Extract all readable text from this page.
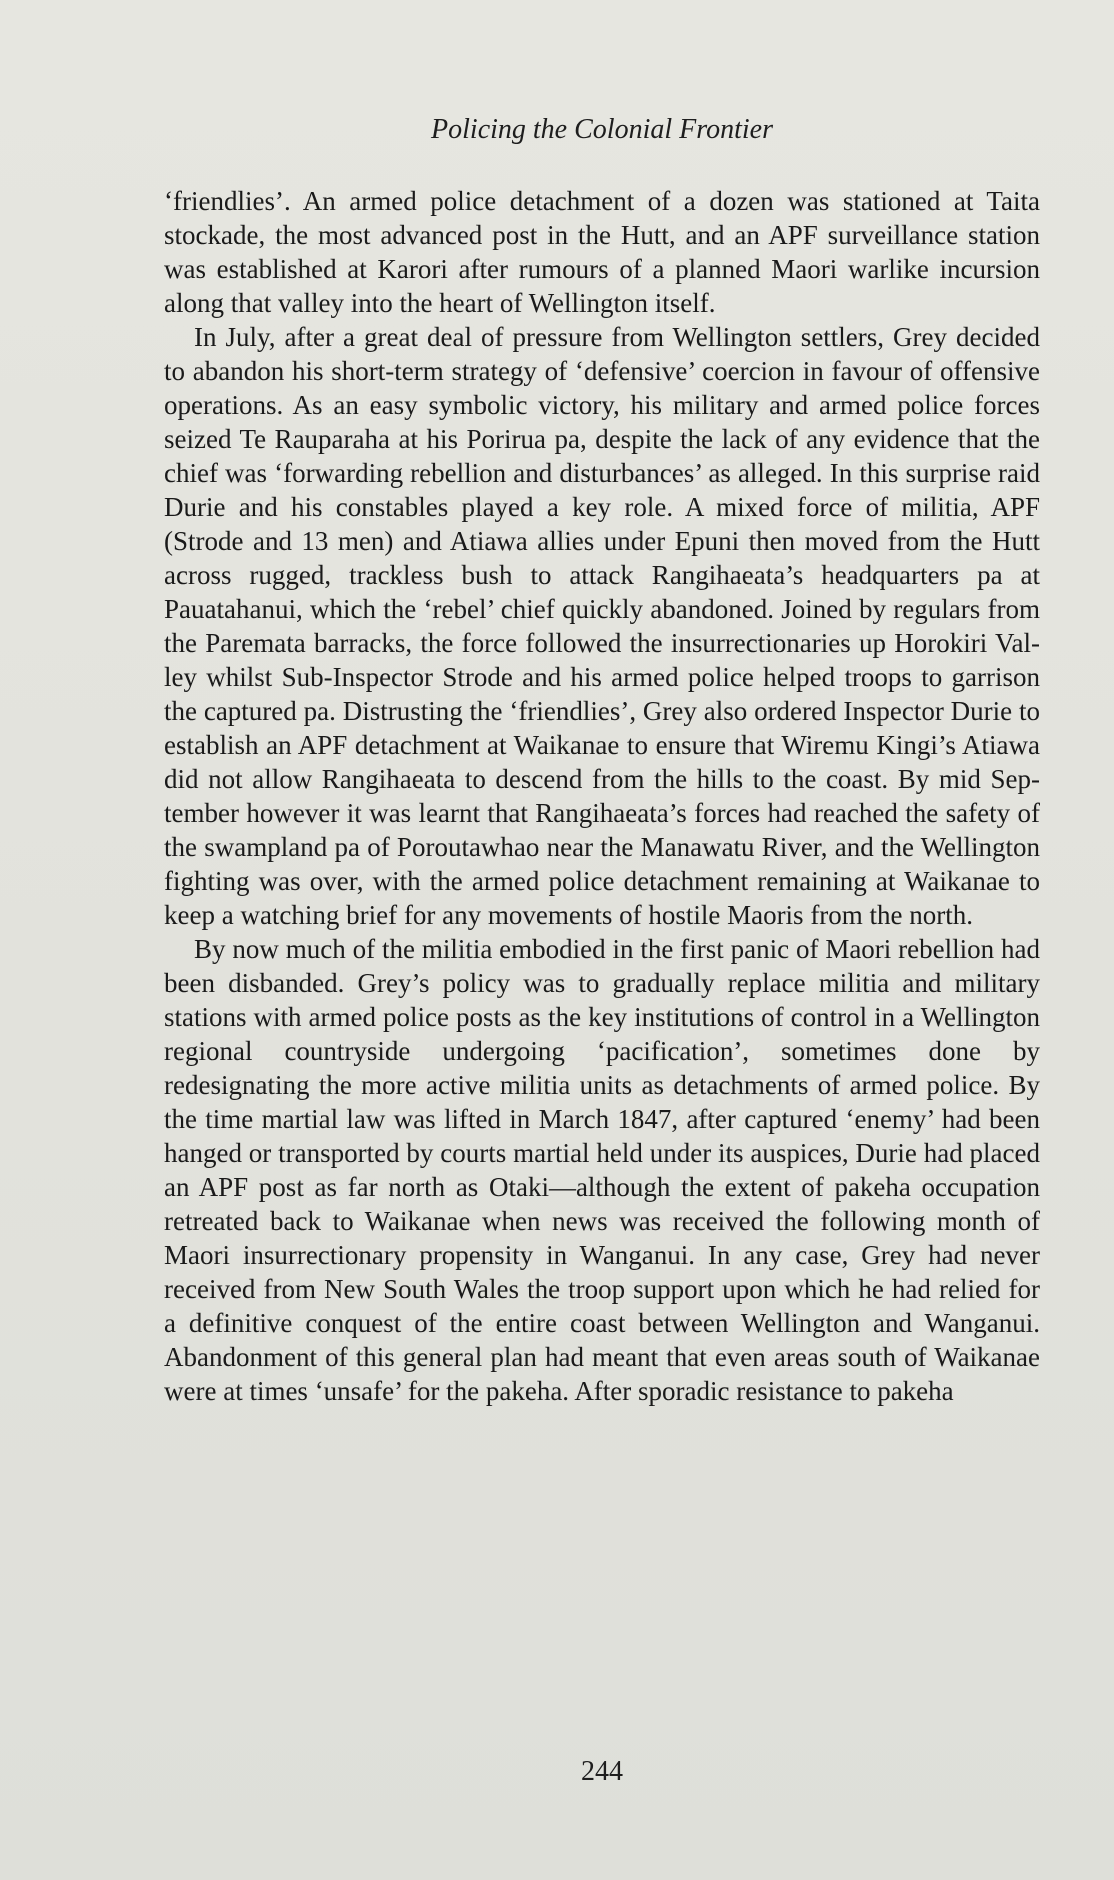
Policing the Colonial Frontier

‘friendlies’. An armed police detachment of a dozen was stationed at Taita stockade, the most advanced post in the Hutt, and an APF surveillance station was established at Karori after rumours of a planned Maori warlike incursion along that valley into the heart of Wellington itself.

In July, after a great deal of pressure from Wellington settlers, Grey decided to abandon his short-term strategy of ‘defensive’ coercion in favour of offensive operations. As an easy symbolic victory, his military and armed police forces seized Te Rauparaha at his Porirua pa, despite the lack of any evidence that the chief was ‘forwarding rebellion and disturbances’ as alleged. In this surprise raid Durie and his constables played a key role. A mixed force of militia, APF (Strode and 13 men) and Atiawa allies under Epuni then moved from the Hutt across rugged, trackless bush to attack Rangihaeata’s headquarters pa at Pauatahanui, which the ‘rebel’ chief quickly abandoned. Joined by regulars from the Paremata barracks, the force followed the insurrectionaries up Horokiri Valley whilst Sub-Inspector Strode and his armed police helped troops to garrison the captured pa. Distrusting the ‘friendlies’, Grey also ordered Inspector Durie to establish an APF detachment at Waikanae to ensure that Wiremu Kingi’s Atiawa did not allow Rangihaeata to descend from the hills to the coast. By mid September however it was learnt that Rangihaeata’s forces had reached the safety of the swampland pa of Poroutawhao near the Manawatu River, and the Wellington fighting was over, with the armed police detachment remaining at Waikanae to keep a watching brief for any movements of hostile Maoris from the north.

By now much of the militia embodied in the first panic of Maori rebellion had been disbanded. Grey’s policy was to gradually replace militia and military stations with armed police posts as the key institutions of control in a Wellington regional countryside undergoing ‘pacification’, sometimes done by redesignating the more active militia units as detachments of armed police. By the time martial law was lifted in March 1847, after captured ‘enemy’ had been hanged or transported by courts martial held under its auspices, Durie had placed an APF post as far north as Otaki—although the extent of pakeha occupation retreated back to Waikanae when news was received the following month of Maori insurrectionary propensity in Wanganui. In any case, Grey had never received from New South Wales the troop support upon which he had relied for a definitive conquest of the entire coast between Wellington and Wanganui. Abandonment of this general plan had meant that even areas south of Waikanae were at times ‘unsafe’ for the pakeha. After sporadic resistance to pakeha

244
